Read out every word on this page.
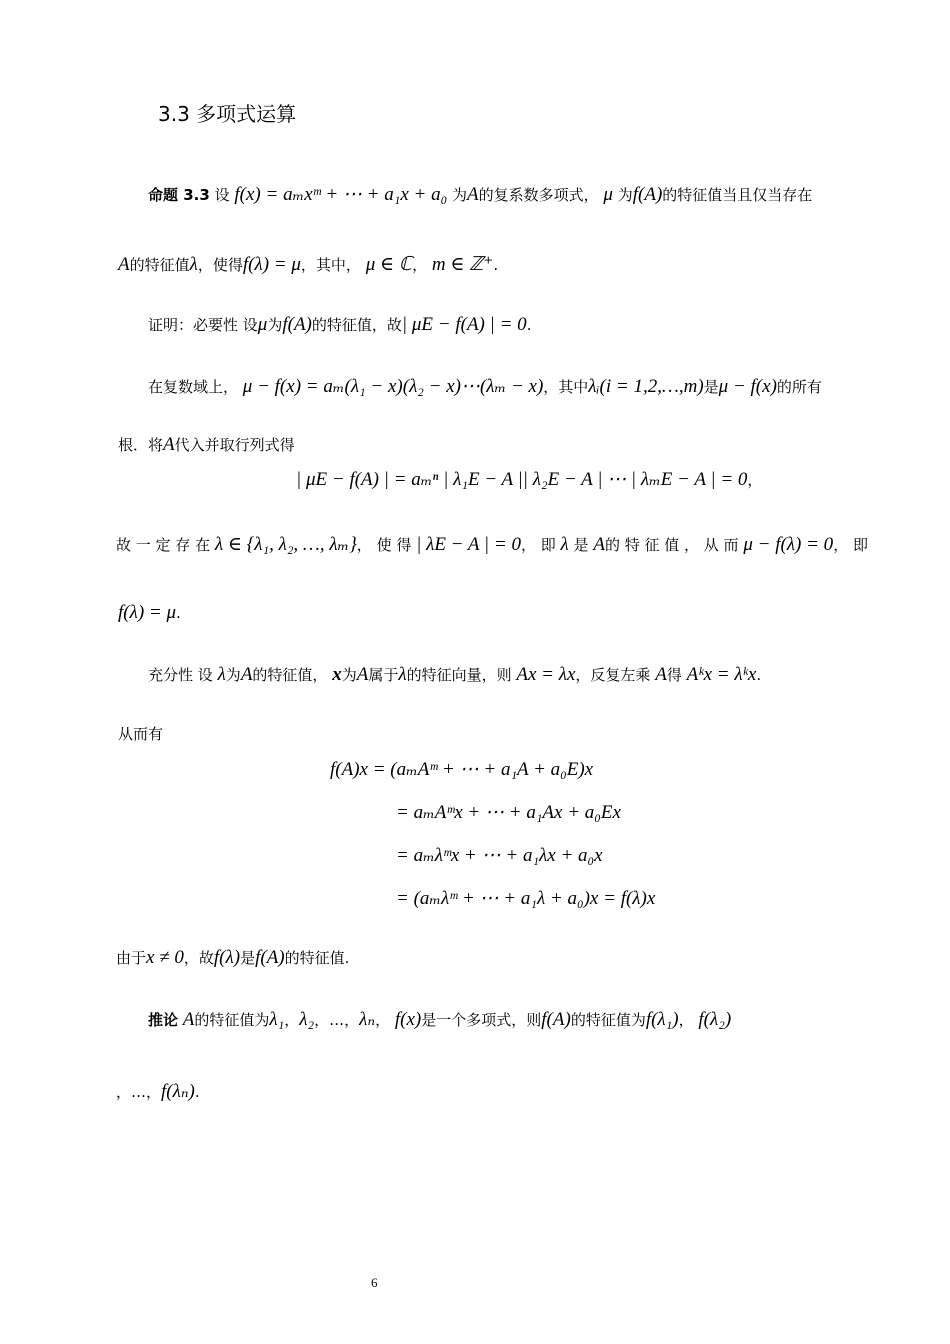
3.3 多项式运算
命题 3.3 设 f(x) = aₘxᵐ + ⋯ + a₁x + a₀ 为A的复系数多项式， μ 为f(A)的特征值当且仅当存在
A的特征值λ，使得f(λ) = μ，其中， μ ∈ ℂ， m ∈ ℤ⁺.
证明：必要性 设μ为f(A)的特征值，故| μE − f(A) | = 0.
在复数域上， μ − f(x) = aₘ(λ₁ − x)(λ₂ − x)⋯(λₘ − x)，其中λᵢ(i = 1,2,…,m)是μ − f(x)的所有
根．将A代入并取行列式得
| μE − f(A) | = aₘⁿ | λ₁E − A || λ₂E − A | ⋯ | λₘE − A | = 0，
故 一 定 存 在 λ ∈ {λ₁, λ₂, …, λₘ}， 使 得 | λE − A | = 0， 即 λ 是 A的 特 征 值 ， 从 而 μ − f(λ) = 0， 即
f(λ) = μ.
充分性 设 λ为A的特征值， x为A属于λ的特征向量，则 Ax = λx，反复左乘 A得 Aᵏx = λᵏx.
从而有
f(A)x = (aₘAᵐ + ⋯ + a₁A + a₀E)x
= aₘAᵐx + ⋯ + a₁Ax + a₀Ex
= aₘλᵐx + ⋯ + a₁λx + a₀x
= (aₘλᵐ + ⋯ + a₁λ + a₀)x = f(λ)x
由于x ≠ 0，故f(λ)是f(A)的特征值.
推论 A的特征值为λ₁，λ₂，…，λₙ， f(x)是一个多项式，则f(A)的特征值为f(λ₁)， f(λ₂)
，…，f(λₙ).
6
